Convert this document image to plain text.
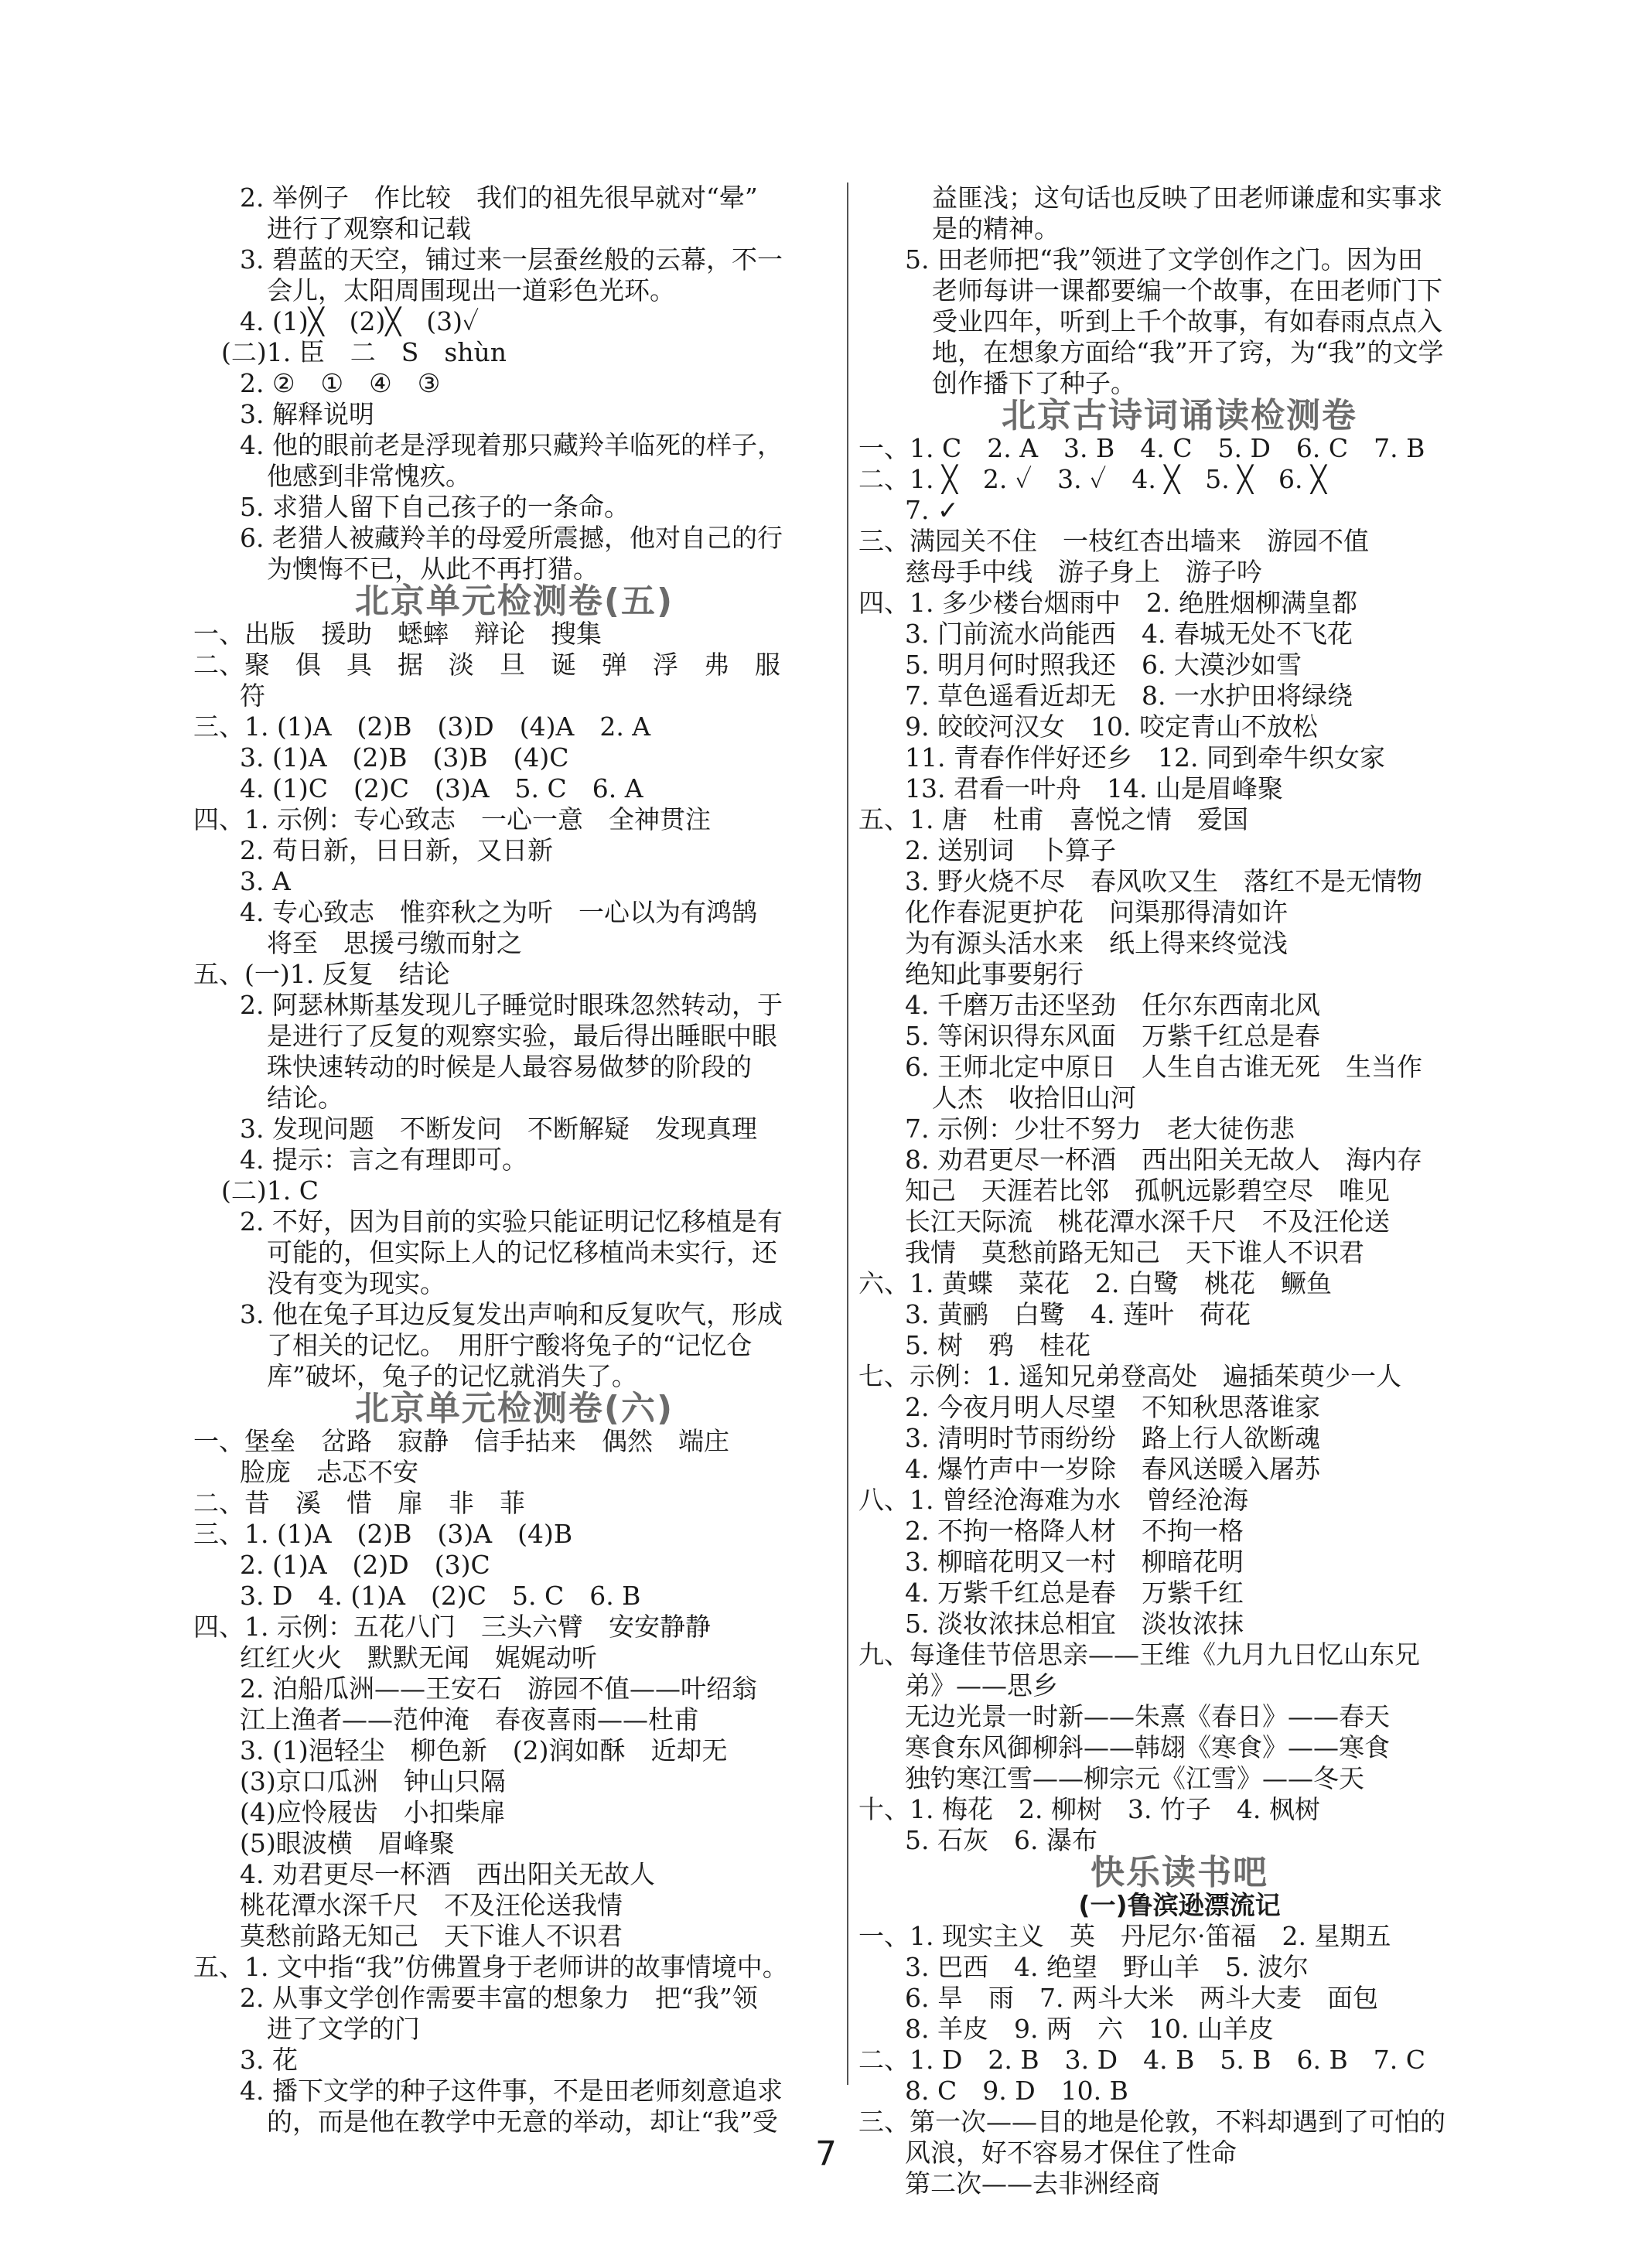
2. 举例子　作比较　我们的祖先很早就对“晕”
进行了观察和记载
3. 碧蓝的天空，铺过来一层蚕丝般的云幕，不一
会儿，太阳周围现出一道彩色光环。
4. (1)╳　(2)╳　(3)✓
(二)1. 臣　二　S　shùn
2. ②　①　④　③
3. 解释说明
4. 他的眼前老是浮现着那只藏羚羊临死的样子，
他感到非常愧疚。
5. 求猎人留下自己孩子的一条命。
6. 老猎人被藏羚羊的母爱所震撼，他对自己的行
为懊悔不已，从此不再打猎。
北京单元检测卷(五)
一、出版　援助　蟋蟀　辩论　搜集
二、聚　俱　具　据　淡　旦　诞　弹　浮　弗　服
符
三、1. (1)A　(2)B　(3)D　(4)A　2. A
3. (1)A　(2)B　(3)B　(4)C
4. (1)C　(2)C　(3)A　5. C　6. A
四、1. 示例：专心致志　一心一意　全神贯注
2. 苟日新，日日新，又日新
3. A
4. 专心致志　惟弈秋之为听　一心以为有鸿鹄
将至　思援弓缴而射之
五、(一)1. 反复　结论
2. 阿瑟林斯基发现儿子睡觉时眼珠忽然转动，于
是进行了反复的观察实验，最后得出睡眠中眼
珠快速转动的时候是人最容易做梦的阶段的
结论。
3. 发现问题　不断发问　不断解疑　发现真理
4. 提示：言之有理即可。
(二)1. C
2. 不好，因为目前的实验只能证明记忆移植是有
可能的，但实际上人的记忆移植尚未实行，还
没有变为现实。
3. 他在兔子耳边反复发出声响和反复吹气，形成
了相关的记忆。　用肝宁酸将兔子的“记忆仓
库”破坏，兔子的记忆就消失了。
北京单元检测卷(六)
一、堡垒　岔路　寂静　信手拈来　偶然　端庄
脸庞　忐忑不安
二、昔　溪　惜　扉　非　菲
三、1. (1)A　(2)B　(3)A　(4)B
2. (1)A　(2)D　(3)C
3. D　4. (1)A　(2)C　5. C　6. B
四、1. 示例：五花八门　三头六臂　安安静静
红红火火　默默无闻　娓娓动听
2. 泊船瓜洲——王安石　游园不值——叶绍翁
江上渔者——范仲淹　春夜喜雨——杜甫
3. (1)浥轻尘　柳色新　(2)润如酥　近却无
(3)京口瓜洲　钟山只隔
(4)应怜屐齿　小扣柴扉
(5)眼波横　眉峰聚
4. 劝君更尽一杯酒　西出阳关无故人
桃花潭水深千尺　不及汪伦送我情
莫愁前路无知己　天下谁人不识君
五、1. 文中指“我”仿佛置身于老师讲的故事情境中。
2. 从事文学创作需要丰富的想象力　把“我”领
进了文学的门
3. 花
4. 播下文学的种子这件事，不是田老师刻意追求
的，而是他在教学中无意的举动，却让“我”受
益匪浅；这句话也反映了田老师谦虚和实事求
是的精神。
5. 田老师把“我”领进了文学创作之门。因为田
老师每讲一课都要编一个故事，在田老师门下
受业四年，听到上千个故事，有如春雨点点入
地，在想象方面给“我”开了窍，为“我”的文学
创作播下了种子。
北京古诗词诵读检测卷
一、1. C　2. A　3. B　4. C　5. D　6. C　7. B
二、1. ╳　2. ✓　3. ✓　4. ╳　5. ╳　6. ╳
7. ✓
三、满园关不住　一枝红杏出墙来　游园不值
慈母手中线　游子身上　游子吟
四、1. 多少楼台烟雨中　2. 绝胜烟柳满皇都
3. 门前流水尚能西　4. 春城无处不飞花
5. 明月何时照我还　6. 大漠沙如雪
7. 草色遥看近却无　8. 一水护田将绿绕
9. 皎皎河汉女　10. 咬定青山不放松
11. 青春作伴好还乡　12. 同到牵牛织女家
13. 君看一叶舟　14. 山是眉峰聚
五、1. 唐　杜甫　喜悦之情　爱国
2. 送别词　卜算子
3. 野火烧不尽　春风吹又生　落红不是无情物
化作春泥更护花　问渠那得清如许
为有源头活水来　纸上得来终觉浅
绝知此事要躬行
4. 千磨万击还坚劲　任尔东西南北风
5. 等闲识得东风面　万紫千红总是春
6. 王师北定中原日　人生自古谁无死　生当作
人杰　收拾旧山河
7. 示例：少壮不努力　老大徒伤悲
8. 劝君更尽一杯酒　西出阳关无故人　海内存
知己　天涯若比邻　孤帆远影碧空尽　唯见
长江天际流　桃花潭水深千尺　不及汪伦送
我情　莫愁前路无知己　天下谁人不识君
六、1. 黄蝶　菜花　2. 白鹭　桃花　鳜鱼
3. 黄鹂　白鹭　4. 莲叶　荷花
5. 树　鸦　桂花
七、示例：1. 遥知兄弟登高处　遍插茱萸少一人
2. 今夜月明人尽望　不知秋思落谁家
3. 清明时节雨纷纷　路上行人欲断魂
4. 爆竹声中一岁除　春风送暖入屠苏
八、1. 曾经沧海难为水　曾经沧海
2. 不拘一格降人材　不拘一格
3. 柳暗花明又一村　柳暗花明
4. 万紫千红总是春　万紫千红
5. 淡妆浓抹总相宜　淡妆浓抹
九、每逢佳节倍思亲——王维《九月九日忆山东兄
弟》——思乡
无边光景一时新——朱熹《春日》——春天
寒食东风御柳斜——韩翃《寒食》——寒食
独钓寒江雪——柳宗元《江雪》——冬天
十、1. 梅花　2. 柳树　3. 竹子　4. 枫树
5. 石灰　6. 瀑布
快乐读书吧
(一)鲁滨逊漂流记
一、1. 现实主义　英　丹尼尔·笛福　2. 星期五
3. 巴西　4. 绝望　野山羊　5. 波尔
6. 旱　雨　7. 两斗大米　两斗大麦　面包
8. 羊皮　9. 两　六　10. 山羊皮
二、1. D　2. B　3. D　4. B　5. B　6. B　7. C
8. C　9. D　10. B
三、第一次——目的地是伦敦，不料却遇到了可怕的
风浪，好不容易才保住了性命
第二次——去非洲经商
7
